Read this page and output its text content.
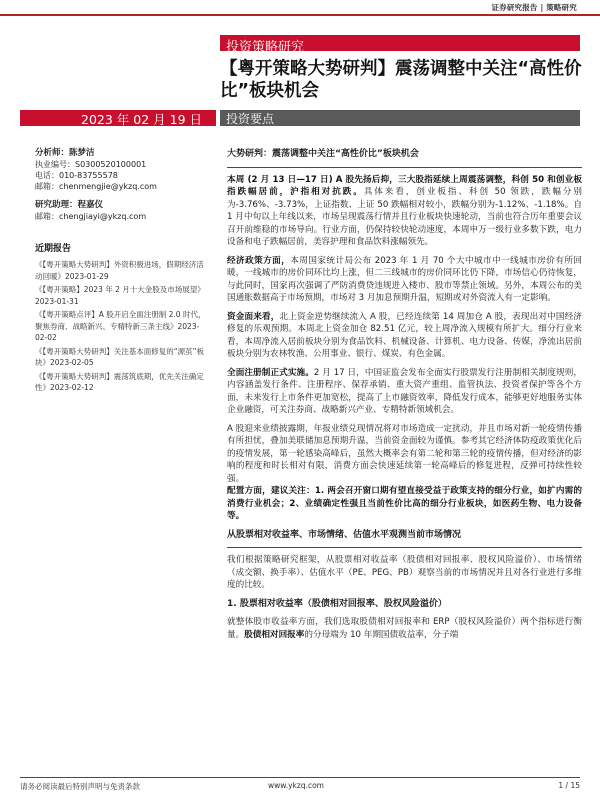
证券研究报告 | 策略研究
投资策略研究
【粤开策略大势研判】震荡调整中关注“高性价比”板块机会
2023 年 02 月 19 日 投资要点
分析师：陈梦洁
执业编号：S0300520100001
电话：010-83755578
邮箱：chenmengjie@ykzq.com
研究助理：程嘉仪
邮箱：chengjiayi@ykzq.com
近期报告
《【粤开策略大势研判】外资积极进场，假期经济活动回暖》2023-01-29
《【粤开策略】2023 年 2 月十大金股及市场展望》2023-01-31
《【粤开策略点评】A 股开启全面注册制 2.0 时代，聚焦券商、战略新兴、专精特新三条主线》2023-02-02
《【粤开策略大势研判】关注基本面修复的“源茧”板块》2023-02-05
《【粤开策略大势研判】震荡筑底期，优先关注确定性》2023-02-12
大势研判：震荡调整中关注“高性价比”板块机会

本周 (2 月 13 日—17 日) A 股先扬后抑，三大股指延续上周震荡调整，科创 50 和创业板指跌幅居前，沪指相对抗跌。具体来看，创业板指、科创 50 领跌，跌幅分别为-3.76%、-3.73%，上证指数、上证 50 跌幅相对较小，跌幅分别为-1.12%、-1.18%。自 1 月中旬以上年线以来，市场呈现震荡行情并且行业板块快速轮动，当前也符合历年重要会议召开前维稳的市场导向。行业方面，仍保持较快轮动速度，本周申万一级行业多数下跌，电力设备和电子跌幅居前，美容护理和食品饮料涨幅领先。

经济政策方面，本周国家统计局公布 2023 年 1 月 70 个大中城市中一线城市房价有所回暖，一线城市的房价同环比均上涨，但二三线城市的房价同环比仍下降，市场信心仍待恢复，与此同时，国家再次强调了严防消费贷违规进入楼市、股市等禁止领域。另外，本周公布的美国通胀数据高于市场预期，市场对 3 月加息预期升温，短期或对外资流入有一定影响。

资金面来看，北上资金逆势继续流入 A 股，已经连续第 14 周加仓 A 股，表现出对中国经济修复的乐观预期。本周北上资金加仓 82.51 亿元，较上周净流入规模有所扩大。细分行业来看，本周净流入居前板块分别为食品饮料、机械设备、计算机、电力设备、传媒，净流出居前板块分别为农林牧渔、公用事业、银行、煤炭、有色金属。

全面注册制正式实施。2 月 17 日，中国证监会发布全面实行股票发行注册制相关制度规则，内容涵盖发行条件、注册程序、保荐承销、重大资产重组、监管执法、投资者保护等各个方面，未来发行上市条件更加宽松，提高了上市融资效率，降低发行成本，能够更好地服务实体企业融资，可关注券商、战略新兴产业、专精特新领域机会。

A 股迎来业绩披露期，年报业绩兑现情况将对市场造成一定扰动，并且市场对新一轮疫情传播有所担忧，叠加美联储加息预期升温，当前资金面较为谨慎。参考其它经济体防疫政策优化后的疫情发展，第一轮感染高峰后，虽然大概率会有第二轮和第三轮的疫情传播，但对经济的影响的程度和时长相对有限，消费方面会快速延续第一轮高峰后的修复进程，反弹可持续性较强。

配置方面，建议关注：1. 两会召开窗口期有望直接受益于政策支持的细分行业，如扩内需的消费行业机会；2、业绩确定性强且当前性价比高的细分行业板块，如医药生物、电力设备等。

从股票相对收益率、市场情绪、估值水平观测当前市场情况

我们根据策略研究框架，从股票相对收益率（股债相对回报率、股权风险溢价）、市场情绪（成交额、换手率）、估值水平（PE、PEG、PB）观察当前的市场情况并且对各行业进行多维度的比较。

1. 股票相对收益率（股债相对回报率、股权风险溢价）

就整体股市收益率方面，我们选取股债相对回报率和 ERP（股权风险溢价）两个指标进行衡量。股债相对回报率的分母端为 10 年期国债收益率，分子端

请务必阅读最后特别声明与免责条款	www.ykzq.com	1 / 15
